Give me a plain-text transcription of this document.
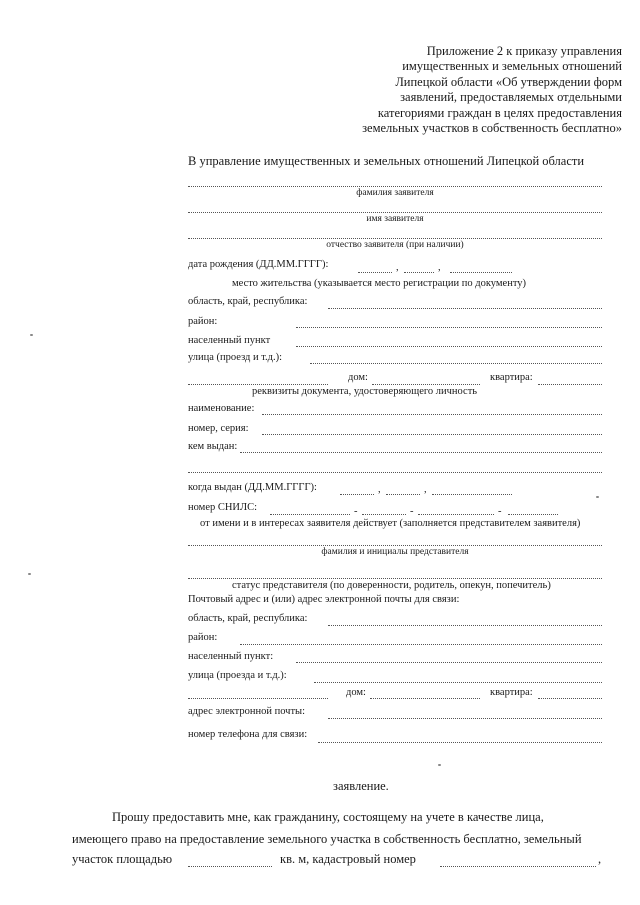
Приложение 2 к приказу управления
имущественных и земельных отношений
Липецкой области «Об утверждении форм
заявлений, предоставляемых отдельными
категориями граждан в целях предоставления
земельных участков в собственность бесплатно»
В управление имущественных и земельных отношений Липецкой области
фамилия заявителя
имя заявителя
отчество заявителя (при наличии)
дата рождения (ДД.ММ.ГГГГ):	,	,
место жительства (указывается место регистрации по документу)
область, край, республика:
район:
населенный пункт
улица (проезд и т.д.):
дом:	квартира:
реквизиты документа, удостоверяющего личность
наименование:
номер, серия:
кем выдан:
когда выдан (ДД.ММ.ГГГГ):	,	,
номер СНИЛС:	-	-	-
от имени и в интересах заявителя действует (заполняется представителем заявителя)
фамилия и инициалы представителя
статус представителя (по доверенности, родитель, опекун, попечитель)
Почтовый адрес и (или) адрес электронной почты для связи:
область, край, республика:
район:
населенный пункт:
улица (проезда и т.д.):
дом:	квартира:
адрес электронной почты:
номер телефона для связи:
заявление.
Прошу предоставить мне, как гражданину, состоящему на учете в качестве лица,
имеющего право на предоставление земельного участка в собственность бесплатно, земельный
участок площадью	кв. м, кадастровый номер	,
